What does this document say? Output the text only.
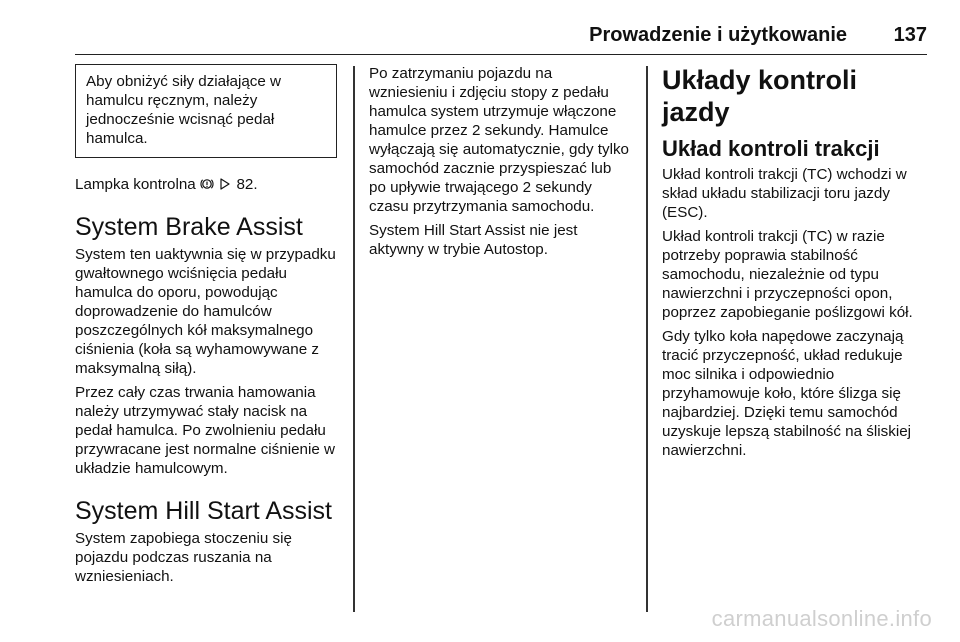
Prowadzenie i użytkowanie 137

Aby obniżyć siły działające w hamulcu ręcznym, należy jednocześnie wcisnąć pedał hamulca.

Lampka kontrolna	82.

System Brake Assist

System ten uaktywnia się w przypadku gwałtownego wciśnięcia pedału hamulca do oporu, powodując doprowadzenie do hamulców poszczególnych kół maksymalnego ciśnienia (koła są wyhamowywane z maksymalną siłą).

Przez cały czas trwania hamowania należy utrzymywać stały nacisk na pedał hamulca. Po zwolnieniu pedału przywracane jest normalne ciśnienie w układzie hamulcowym.

System Hill Start Assist

System zapobiega stoczeniu się pojazdu podczas ruszania na wzniesieniach.

Po zatrzymaniu pojazdu na wzniesieniu i zdjęciu stopy z pedału hamulca system utrzymuje włączone hamulce przez 2 sekundy. Hamulce wyłączają się automatycznie, gdy tylko samochód zacznie przyspieszać lub po upływie trwającego 2 sekundy czasu przytrzymania samochodu.

System Hill Start Assist nie jest aktywny w trybie Autostop.

Układy kontroli jazdy
Układ kontroli trakcji

Układ kontroli trakcji (TC) wchodzi w skład układu stabilizacji toru jazdy (ESC).

Układ kontroli trakcji (TC) w razie potrzeby poprawia stabilność samochodu, niezależnie od typu nawierzchni i przyczepności opon, poprzez zapobieganie poślizgowi kół.

Gdy tylko koła napędowe zaczynają tracić przyczepność, układ redukuje moc silnika i odpowiednio przyhamowuje koło, które ślizga się najbardziej. Dzięki temu samochód uzyskuje lepszą stabilność na śliskiej nawierzchni.

carmanualsonline.info
